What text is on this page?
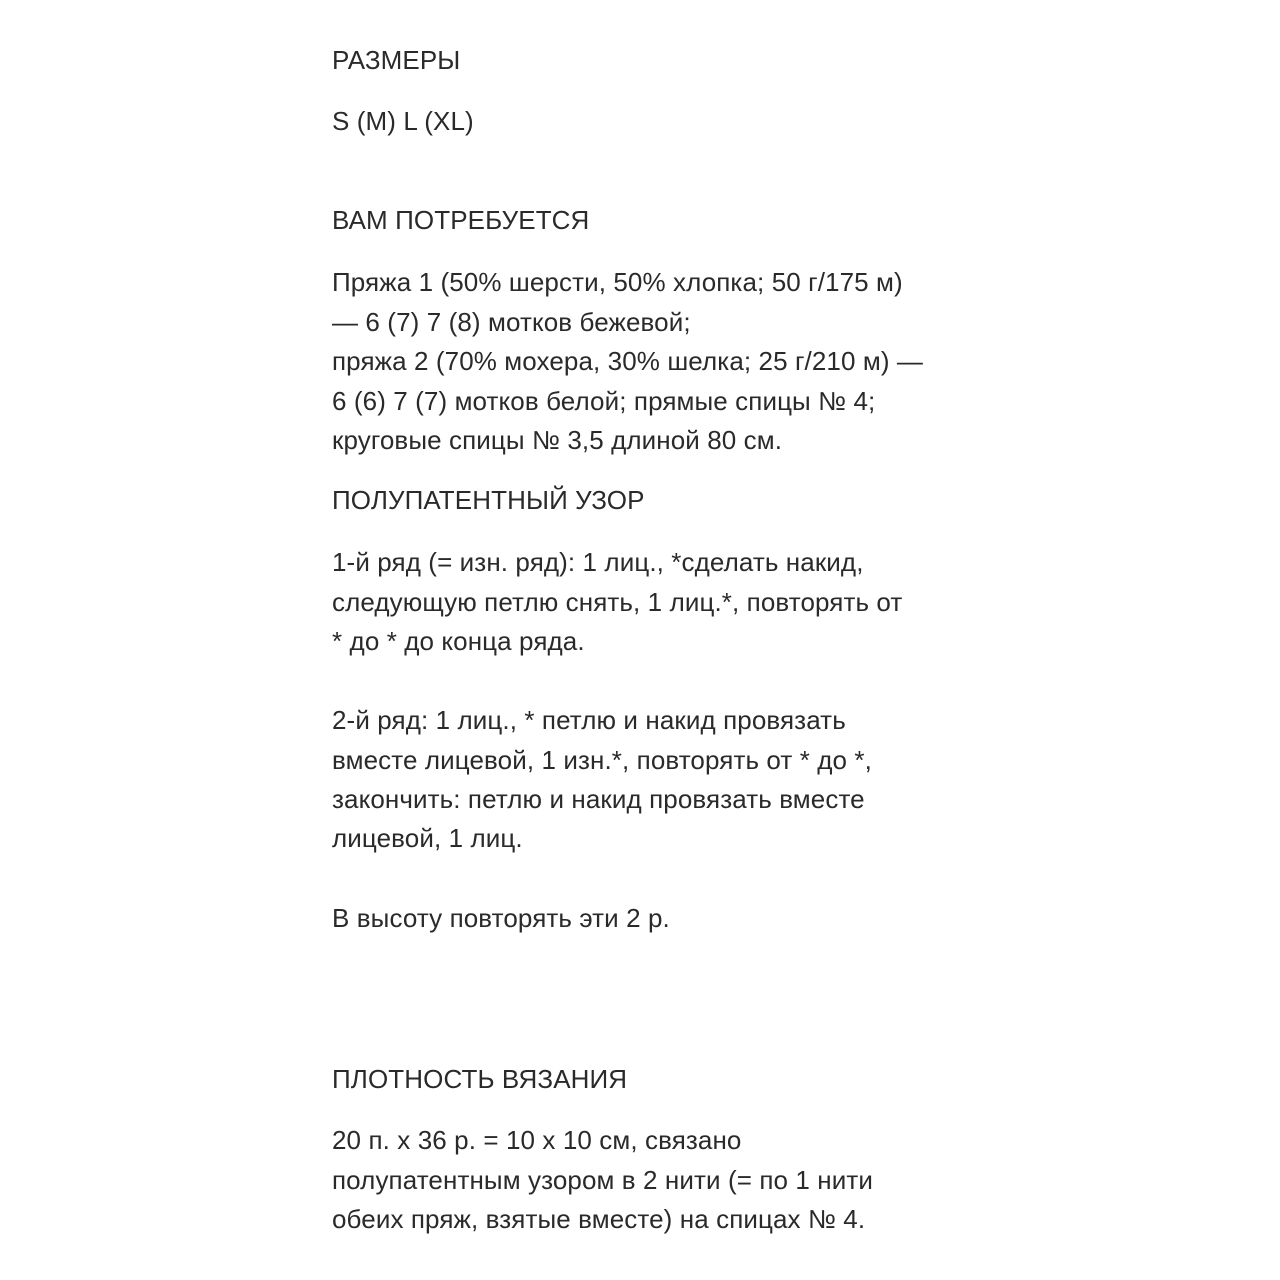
РАЗМЕРЫ
S (M) L (XL)
ВАМ ПОТРЕБУЕТСЯ
Пряжа 1 (50% шерсти, 50% хлопка; 50 г/175 м)
— 6 (7) 7 (8) мотков бежевой;
пряжа 2 (70% мохера, 30% шелка; 25 г/210 м) —
6 (6) 7 (7) мотков белой; прямые спицы № 4;
круговые спицы № 3,5 длиной 80 см.
ПОЛУПАТЕНТНЫЙ УЗОР
1-й ряд (= изн. ряд): 1 лиц., *сделать накид,
следующую петлю снять, 1 лиц.*, повторять от
* до * до конца ряда.
2-й ряд: 1 лиц., * петлю и накид провязать
вместе лицевой, 1 изн.*, повторять от * до *,
закончить: петлю и накид провязать вместе
лицевой, 1 лиц.
В высоту повторять эти 2 р.
ПЛОТНОСТЬ ВЯЗАНИЯ
20 п. х 36 р. = 10 х 10 см, связано
полупатентным узором в 2 нити (= по 1 нити
обеих пряж, взятые вместе) на спицах № 4.
